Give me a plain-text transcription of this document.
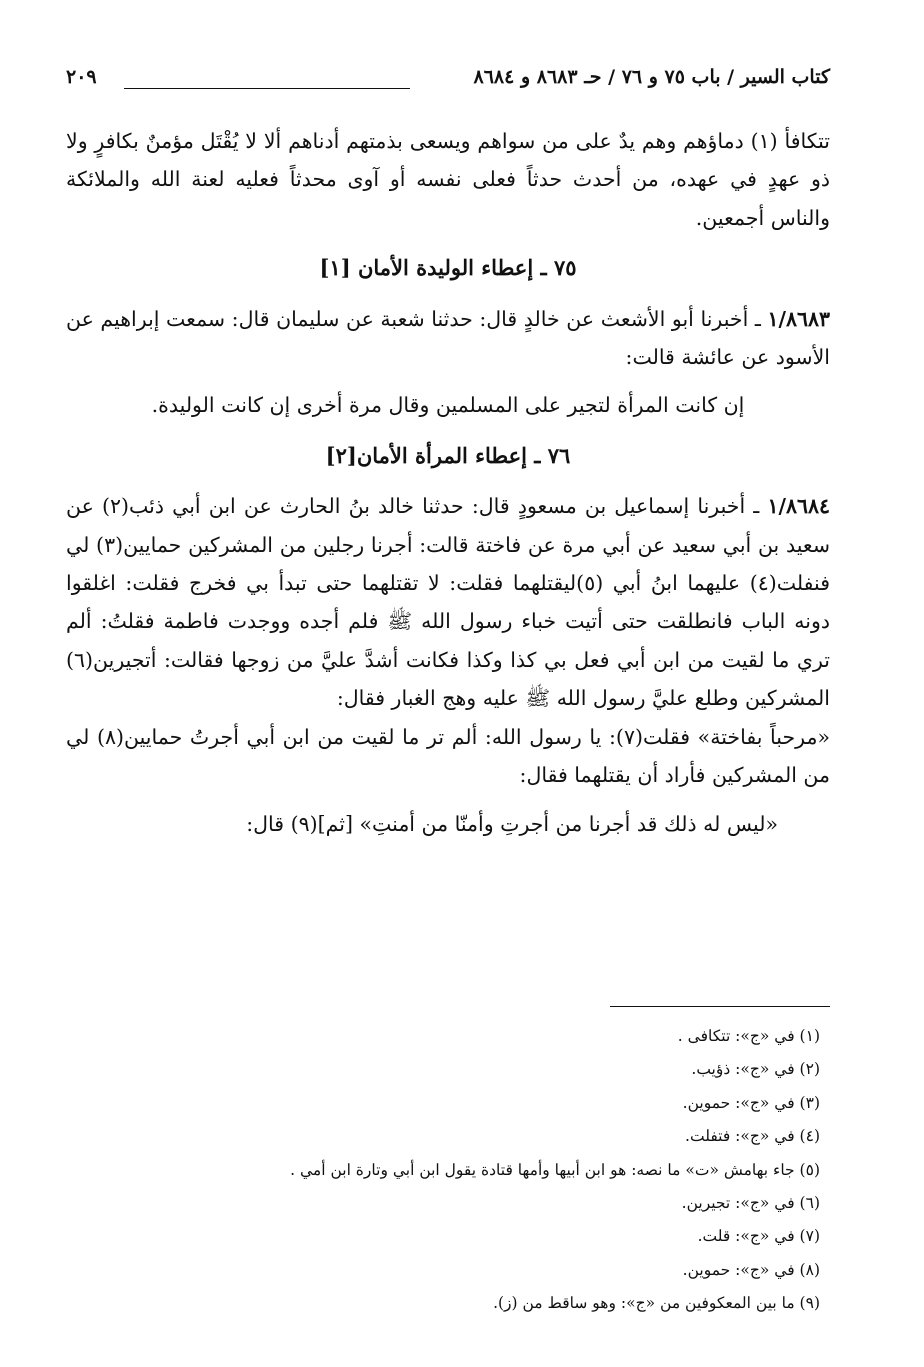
كتاب السير / باب ٧٥ و ٧٦ / حـ ٨٦٨٣ و ٨٦٨٤
٢٠٩

تتكافأ (١) دماؤهم وهم يدٌ على من سواهم ويسعى بذمتهم أدناهم ألا لا يُقْتَل مؤمنٌ بكافرٍ ولا ذو عهدٍ في عهده، من أحدث حدثاً فعلى نفسه أو آوى محدثاً فعليه لعنة الله والملائكة والناس أجمعين.

٧٥ ـ إعطاء الوليدة الأمان [١]

١/٨٦٨٣ ـ أخبرنا أبو الأشعث عن خالدٍ قال: حدثنا شعبة عن سليمان قال: سمعت إبراهيم عن الأسود عن عائشة قالت:

إن كانت المرأة لتجير على المسلمين وقال مرة أخرى إن كانت الوليدة.

٧٦ ـ إعطاء المرأة الأمان[٢]

١/٨٦٨٤ ـ أخبرنا إسماعيل بن مسعودٍ قال: حدثنا خالد بنُ الحارث عن ابن أبي ذئب(٢) عن سعيد بن أبي سعيد عن أبي مرة عن فاختة قالت: أجرنا رجلين من المشركين حمايين(٣) لي فنفلت(٤) عليهما ابنُ أبي (٥)ليقتلهما فقلت: لا تقتلهما حتى تبدأ بي فخرج فقلت: اغلقوا دونه الباب فانطلقت حتى أتيت خباء رسول الله ﷺ فلم أجده ووجدت فاطمة فقلتُ: ألم تري ما لقيت من ابن أبي فعل بي كذا وكذا فكانت أشدَّ عليَّ من زوجها فقالت: أتجيرين(٦) المشركين وطلع عليَّ رسول الله ﷺ عليه وهج الغبار فقال:

«مرحباً بفاختة» فقلت(٧): يا رسول الله: ألم تر ما لقيت من ابن أبي أجرتُ حمايين(٨) لي من المشركين فأراد أن يقتلهما فقال:

«ليس له ذلك قد أجرنا من أجرتِ وأمنّا من أمنتِ» [ثم](٩) قال:

(١) في «ج»: تتكافى .

(٢) في «ج»: ذؤيب.

(٣) في «ج»: حموين.

(٤) في «ج»: فتفلت.

(٥) جاء بهامش «ت» ما نصه: هو ابن أبيها وأمها قتادة يقول ابن أبي وتارة ابن أمي .

(٦) في «ج»: تجيرين.

(٧) في «ج»: قلت.

(٨) في «ج»: حموين.

(٩) ما بين المعكوفين من «ج»: وهو ساقط من (ز).
